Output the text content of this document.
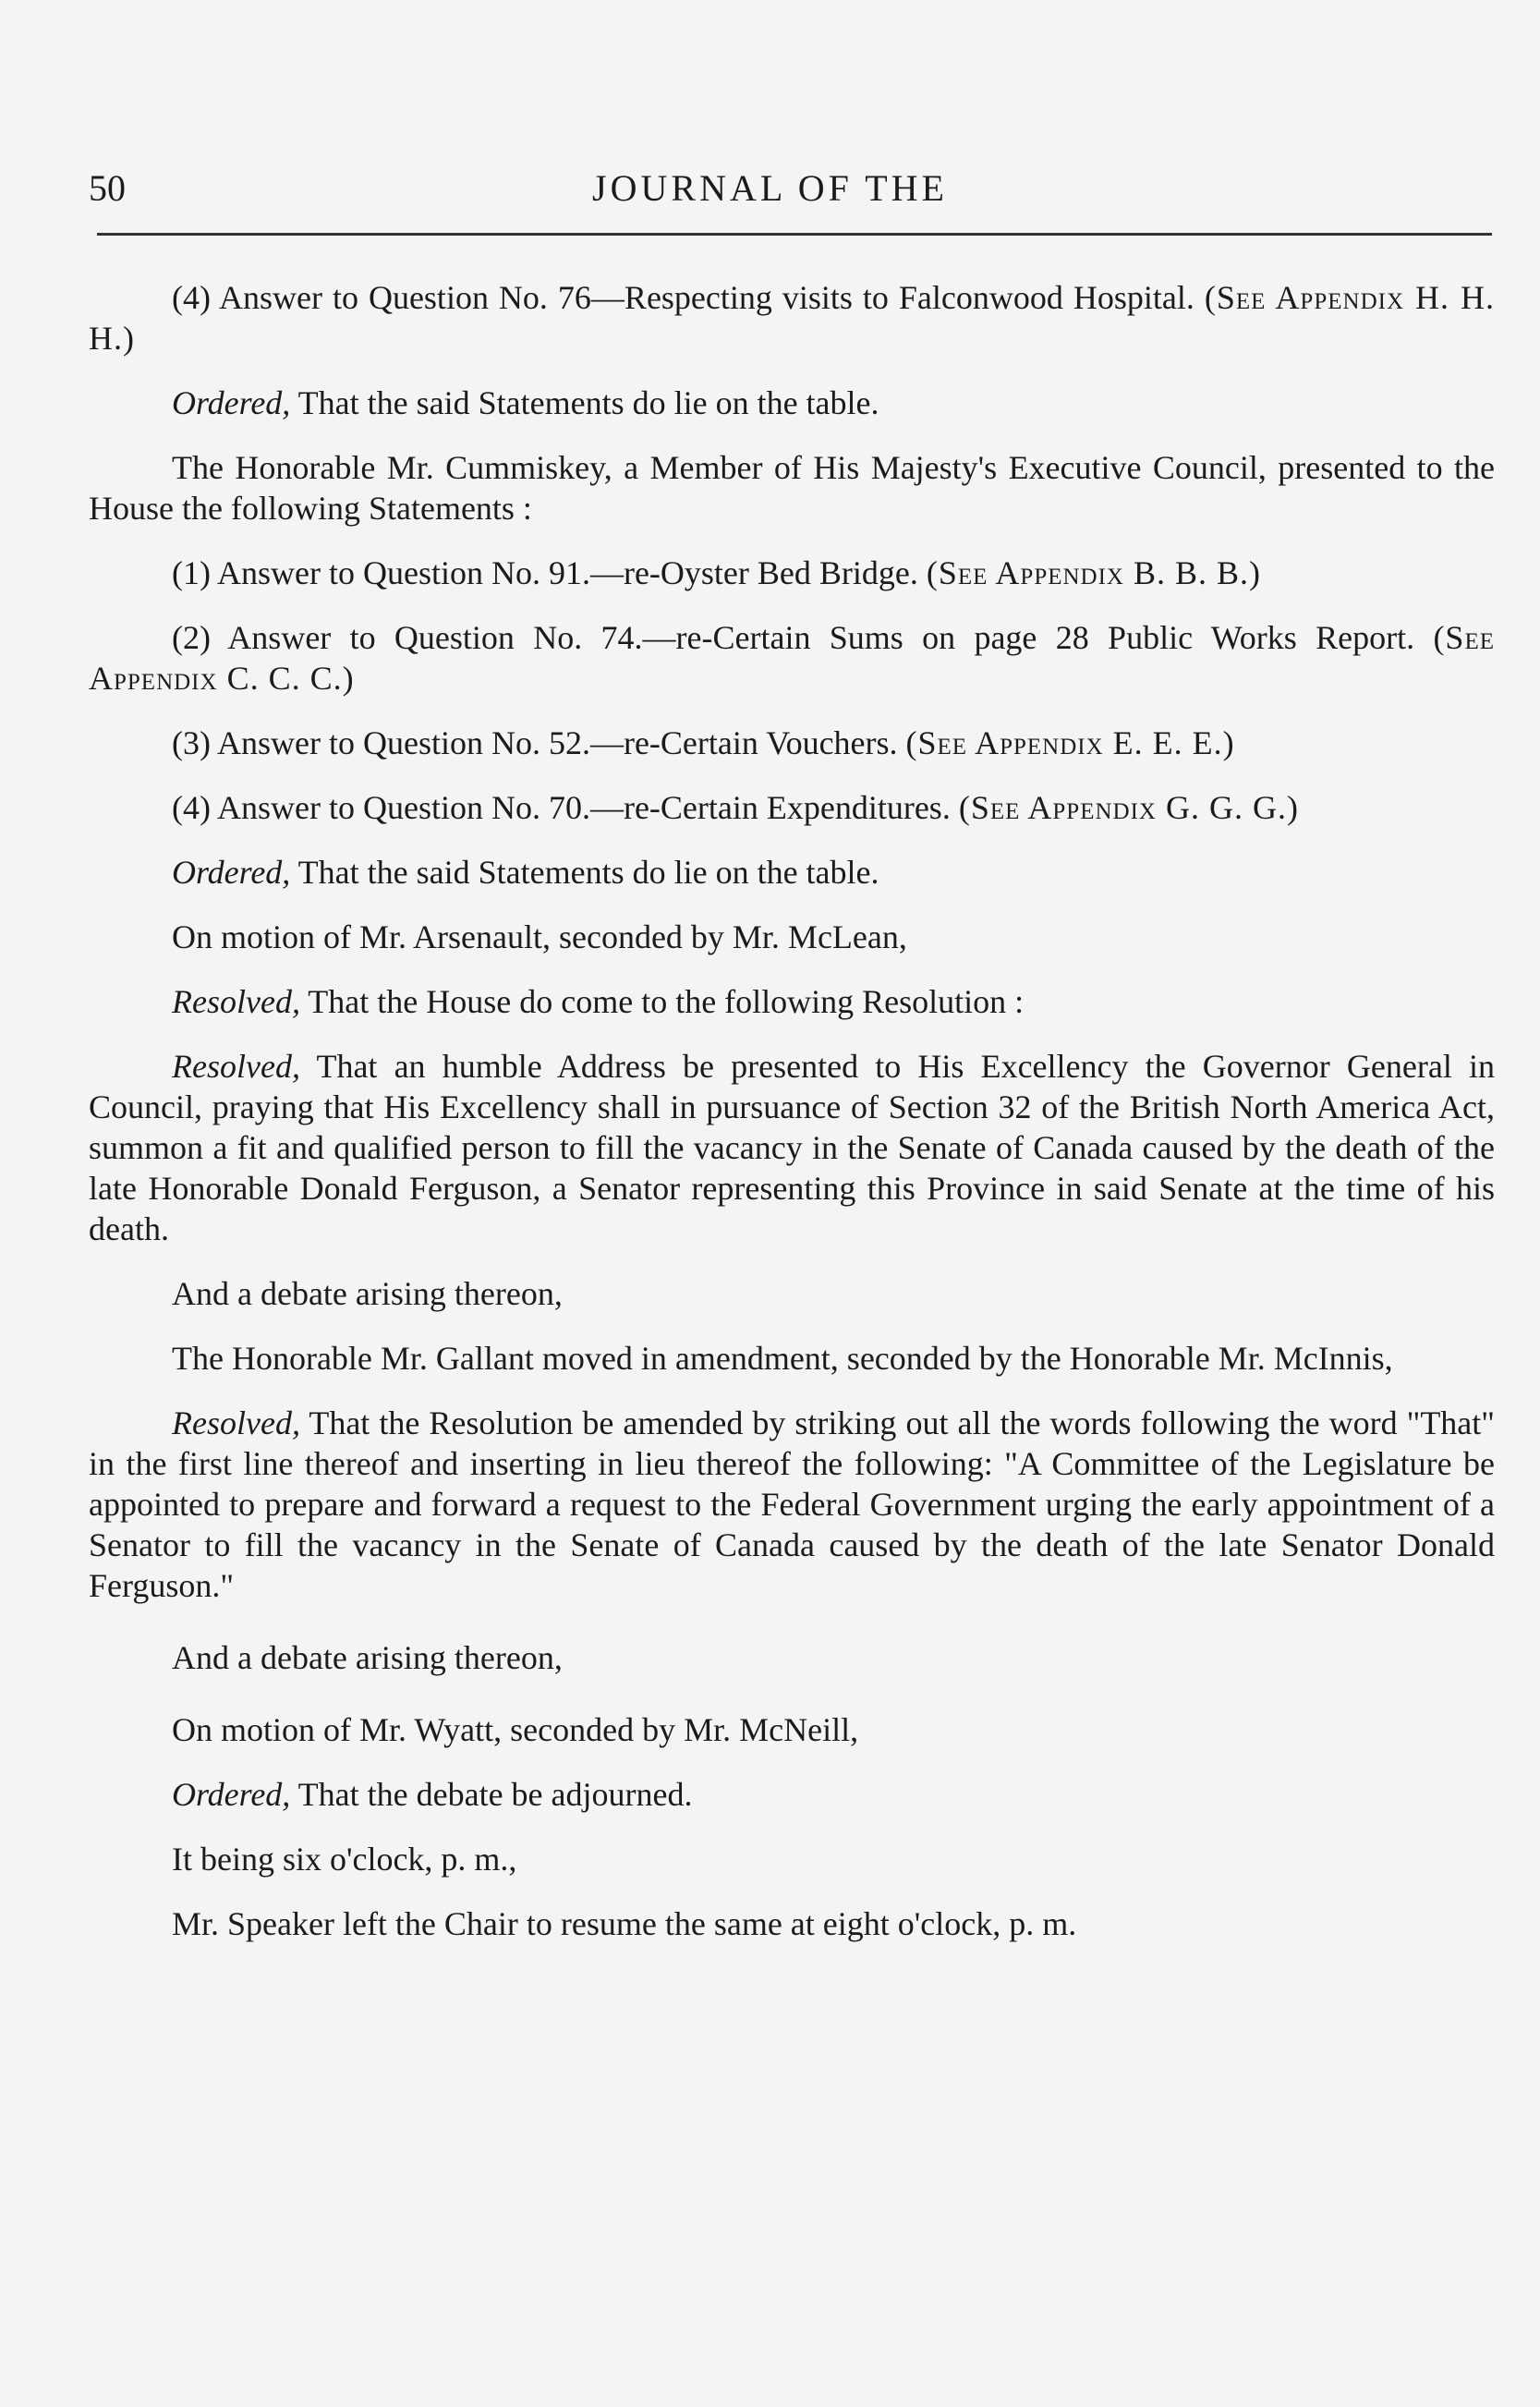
50	JOURNAL OF THE

(4) Answer to Question No. 76—Respecting visits to Falconwood Hospital. (See Appendix H. H. H.)

Ordered, That the said Statements do lie on the table.

The Honorable Mr. Cummiskey, a Member of His Majesty's Executive Council, presented to the House the following Statements :

(1) Answer to Question No. 91.—re-Oyster Bed Bridge. (See Appendix B. B. B.)

(2) Answer to Question No. 74.—re-Certain Sums on page 28 Public Works Report. (See Appendix C. C. C.)

(3) Answer to Question No. 52.—re-Certain Vouchers. (See Appendix E. E. E.)

(4) Answer to Question No. 70.—re-Certain Expenditures. (See Appendix G. G. G.)

Ordered, That the said Statements do lie on the table.

On motion of Mr. Arsenault, seconded by Mr. McLean,

Resolved, That the House do come to the following Resolution :

Resolved, That an humble Address be presented to His Excellency the Governor General in Council, praying that His Excellency shall in pursuance of Section 32 of the British North America Act, summon a fit and qualified person to fill the vacancy in the Senate of Canada caused by the death of the late Honorable Donald Ferguson, a Senator representing this Province in said Senate at the time of his death.

And a debate arising thereon,

The Honorable Mr. Gallant moved in amendment, seconded by the Honorable Mr. McInnis,

Resolved, That the Resolution be amended by striking out all the words following the word "That" in the first line thereof and inserting in lieu thereof the following: "A Committee of the Legislature be appointed to prepare and forward a request to the Federal Government urging the early appointment of a Senator to fill the vacancy in the Senate of Canada caused by the death of the late Senator Donald Ferguson."

And a debate arising thereon,

On motion of Mr. Wyatt, seconded by Mr. McNeill,

Ordered, That the debate be adjourned.

It being six o'clock, p. m.,

Mr. Speaker left the Chair to resume the same at eight o'clock, p. m.
